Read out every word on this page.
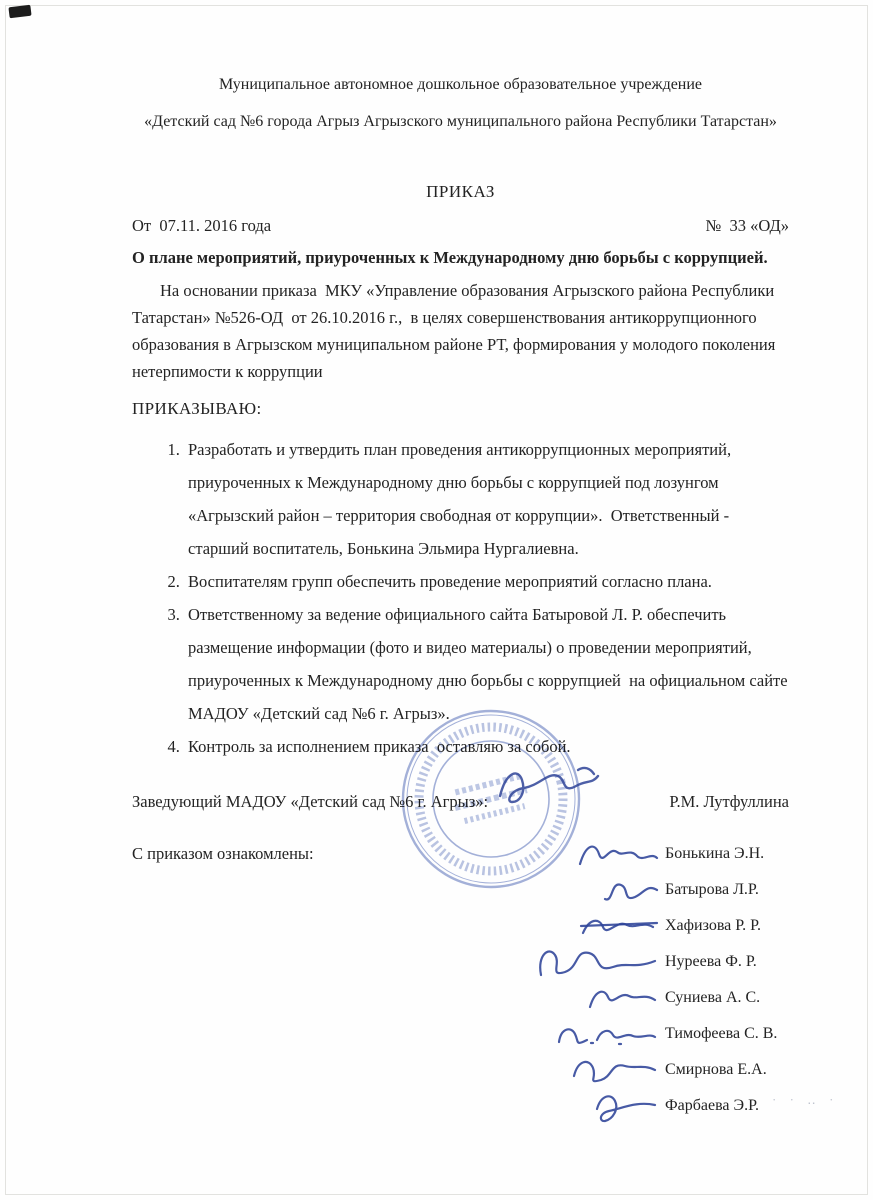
Муниципальное автономное дошкольное образовательное учреждение

«Детский сад №6 города Агрыз Агрызского муниципального района Республики Татарстан»

ПРИКАЗ
От  07.11. 2016 года	№  33 «ОД»

О плане мероприятий, приуроченных к Международному дню борьбы с коррупцией.

На основании приказа  МКУ «Управление образования Агрызского района Республики Татарстан» №526-ОД  от 26.10.2016 г.,  в целях совершенствования антикоррупционного образования в Агрызском муниципальном районе РТ, формирования у молодого поколения нетерпимости к коррупции

ПРИКАЗЫВАЮ:

1. Разработать и утвердить план проведения антикоррупционных мероприятий, приуроченных к Международному дню борьбы с коррупцией под лозунгом «Агрызский район – территория свободная от коррупции».  Ответственный - старший воспитатель, Бонькина Эльмира Нургалиевна.
2. Воспитателям групп обеспечить проведение мероприятий согласно плана.
3. Ответственному за ведение официального сайта Батыровой Л. Р. обеспечить размещение информации (фото и видео материалы) о проведении мероприятий, приуроченных к Международному дню борьбы с коррупцией  на официальном сайте МАДОУ «Детский сад №6 г. Агрыз».
4. Контроль за исполнением приказа  оставляю за собой.
Заведующий МАДОУ «Детский сад №6 г. Агрыз»:	Р.М. Лутфуллина
С приказом ознакомлены:	Бонькина Э.Н.
Батырова Л.Р.
Хафизова Р. Р.
Нуреева Ф. Р.
Суниева А. С.
Тимофеева С. В.
Смирнова Е.А.
Фарбаева Э.Р.	· · ‥ ·
